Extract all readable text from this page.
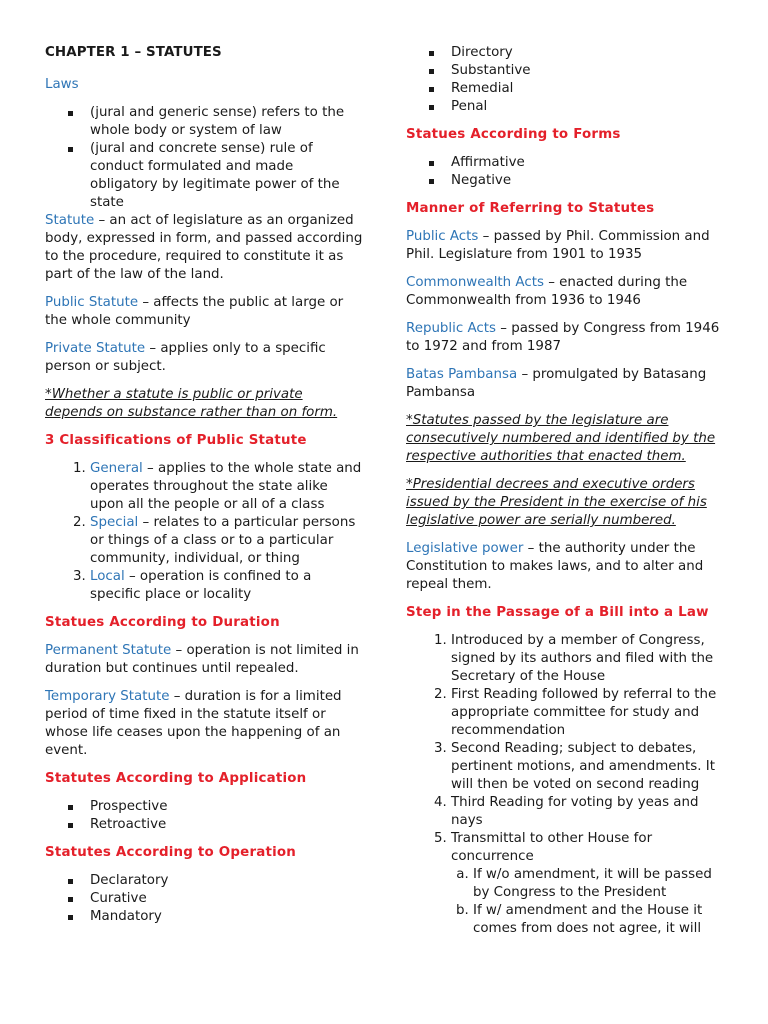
CHAPTER 1 – STATUTES

Laws

(jural and generic sense) refers to the whole body or system of law
(jural and concrete sense) rule of conduct formulated and made obligatory by legitimate power of the state

Statute – an act of legislature as an organized body, expressed in form, and passed according to the procedure, required to constitute it as part of the law of the land.

Public Statute – affects the public at large or the whole community

Private Statute – applies only to a specific person or subject.

*Whether a statute is public or private depends on substance rather than on form.

3 Classifications of Public Statute

1. General – applies to the whole state and operates throughout the state alike upon all the people or all of a class
2. Special – relates to a particular persons or things of a class or to a particular community, individual, or thing
3. Local – operation is confined to a specific place or locality

Statues According to Duration

Permanent Statute – operation is not limited in duration but continues until repealed.

Temporary Statute – duration is for a limited period of time fixed in the statute itself or whose life ceases upon the happening of an event.

Statutes According to Application

Prospective
Retroactive

Statutes According to Operation

Declaratory
Curative
Mandatory
Directory
Substantive
Remedial
Penal

Statues According to Forms

Affirmative
Negative

Manner of Referring to Statutes

Public Acts – passed by Phil. Commission and Phil. Legislature from 1901 to 1935

Commonwealth Acts – enacted during the Commonwealth from 1936 to 1946

Republic Acts – passed by Congress from 1946 to 1972 and from 1987

Batas Pambansa – promulgated by Batasang Pambansa

*Statutes passed by the legislature are consecutively numbered and identified by the respective authorities that enacted them.

*Presidential decrees and executive orders issued by the President in the exercise of his legislative power are serially numbered.

Legislative power – the authority under the Constitution to makes laws, and to alter and repeal them.

Step in the Passage of a Bill into a Law

1. Introduced by a member of Congress, signed by its authors and filed with the Secretary of the House
2. First Reading followed by referral to the appropriate committee for study and recommendation
3. Second Reading; subject to debates, pertinent motions, and amendments. It will then be voted on second reading
4. Third Reading for voting by yeas and nays
5. Transmittal to other House for concurrence
a. If w/o amendment, it will be passed by Congress to the President
b. If w/ amendment and the House it comes from does not agree, it will
